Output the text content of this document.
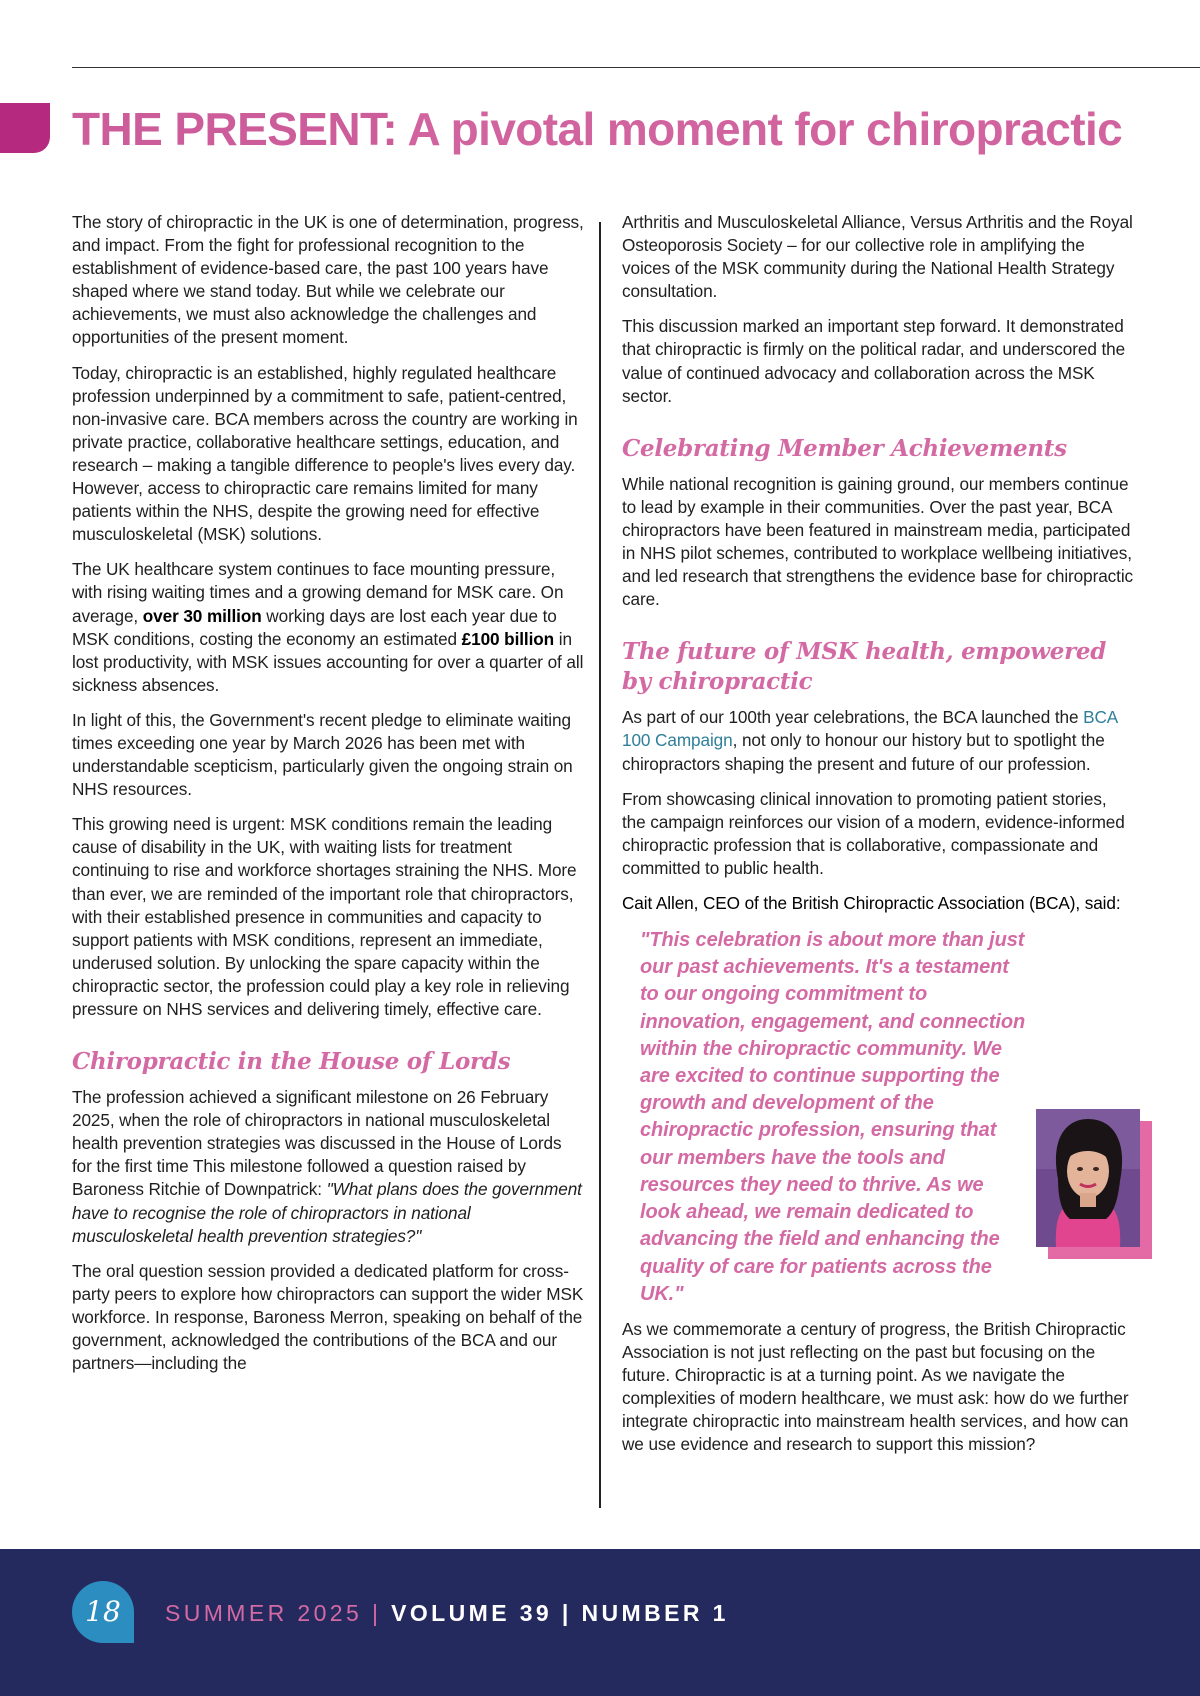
THE PRESENT: A pivotal moment for chiropractic

The story of chiropractic in the UK is one of determination, progress, and impact. From the fight for professional recognition to the establishment of evidence-based care, the past 100 years have shaped where we stand today. But while we celebrate our achievements, we must also acknowledge the challenges and opportunities of the present moment.

Today, chiropractic is an established, highly regulated healthcare profession underpinned by a commitment to safe, patient-centred, non-invasive care. BCA members across the country are working in private practice, collaborative healthcare settings, education, and research – making a tangible difference to people's lives every day. However, access to chiropractic care remains limited for many patients within the NHS, despite the growing need for effective musculoskeletal (MSK) solutions.

The UK healthcare system continues to face mounting pressure, with rising waiting times and a growing demand for MSK care. On average, over 30 million working days are lost each year due to MSK conditions, costing the economy an estimated £100 billion in lost productivity, with MSK issues accounting for over a quarter of all sickness absences.

In light of this, the Government's recent pledge to eliminate waiting times exceeding one year by March 2026 has been met with understandable scepticism, particularly given the ongoing strain on NHS resources.

This growing need is urgent: MSK conditions remain the leading cause of disability in the UK, with waiting lists for treatment continuing to rise and workforce shortages straining the NHS. More than ever, we are reminded of the important role that chiropractors, with their established presence in communities and capacity to support patients with MSK conditions, represent an immediate, underused solution. By unlocking the spare capacity within the chiropractic sector, the profession could play a key role in relieving pressure on NHS services and delivering timely, effective care.

Chiropractic in the House of Lords

The profession achieved a significant milestone on 26 February 2025, when the role of chiropractors in national musculoskeletal health prevention strategies was discussed in the House of Lords for the first time This milestone followed a question raised by Baroness Ritchie of Downpatrick: "What plans does the government have to recognise the role of chiropractors in national musculoskeletal health prevention strategies?"

The oral question session provided a dedicated platform for cross-party peers to explore how chiropractors can support the wider MSK workforce. In response, Baroness Merron, speaking on behalf of the government, acknowledged the contributions of the BCA and our partners—including the

Arthritis and Musculoskeletal Alliance, Versus Arthritis and the Royal Osteoporosis Society – for our collective role in amplifying the voices of the MSK community during the National Health Strategy consultation.

This discussion marked an important step forward. It demonstrated that chiropractic is firmly on the political radar, and underscored the value of continued advocacy and collaboration across the MSK sector.

Celebrating Member Achievements

While national recognition is gaining ground, our members continue to lead by example in their communities. Over the past year, BCA chiropractors have been featured in mainstream media, participated in NHS pilot schemes, contributed to workplace wellbeing initiatives, and led research that strengthens the evidence base for chiropractic care.

The future of MSK health, empowered by chiropractic

As part of our 100th year celebrations, the BCA launched the BCA 100 Campaign, not only to honour our history but to spotlight the chiropractors shaping the present and future of our profession.

From showcasing clinical innovation to promoting patient stories, the campaign reinforces our vision of a modern, evidence-informed chiropractic profession that is collaborative, compassionate and committed to public health.

Cait Allen, CEO of the British Chiropractic Association (BCA), said:

"This celebration is about more than just our past achievements. It's a testament to our ongoing commitment to innovation, engagement, and connection within the chiropractic community. We are excited to continue supporting the growth and development of the chiropractic profession, ensuring that our members have the tools and resources they need to thrive. As we look ahead, we remain dedicated to advancing the field and enhancing the quality of care for patients across the UK."

As we commemorate a century of progress, the British Chiropractic Association is not just reflecting on the past but focusing on the future. Chiropractic is at a turning point. As we navigate the complexities of modern healthcare, we must ask: how do we further integrate chiropractic into mainstream health services, and how can we use evidence and research to support this mission?

18	SUMMER 2025 | VOLUME 39 | NUMBER 1
